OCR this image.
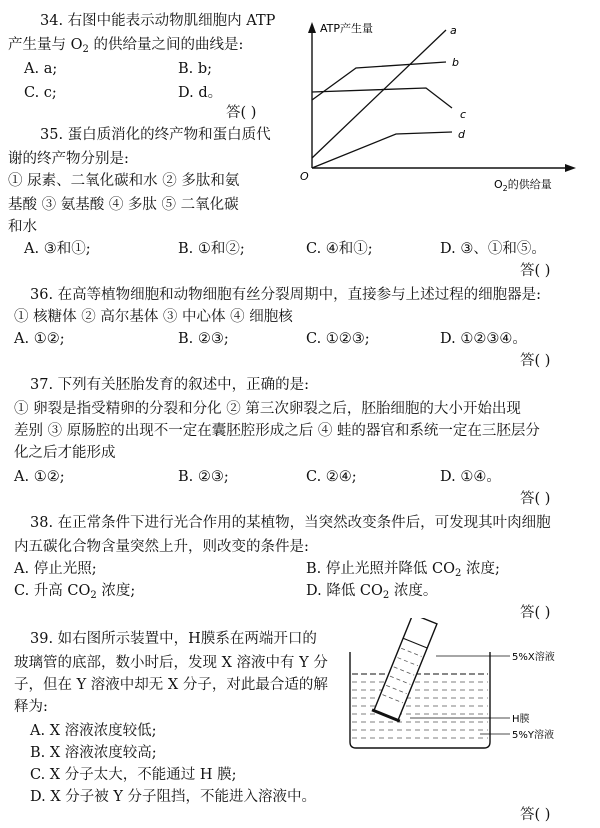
34. 右图中能表示动物肌细胞内 ATP
产生量与 $O_2$ 的供给量之间的曲线是:
A. a;	B. b;
C. c;	D. d。
答( )
ATP产生量
O
$O_2$的供给量
a
b
c
d
35. 蛋白质消化的终产物和蛋白质代
谢的终产物分别是:
① 尿素、二氧化碳和水 ② 多肽和氨
基酸 ③ 氨基酸 ④ 多肽 ⑤ 二氧化碳
和水
A. ③和①;	B. ①和②;	C. ④和①;	D. ③、①和⑤。
答( )
36. 在高等植物细胞和动物细胞有丝分裂周期中，直接参与上述过程的细胞器是:
① 核糖体 ② 高尔基体 ③ 中心体 ④ 细胞核
A. ①②;	B. ②③;	C. ①②③;	D. ①②③④。
答( )
37. 下列有关胚胎发育的叙述中，正确的是:
① 卵裂是指受精卵的分裂和分化 ② 第三次卵裂之后，胚胎细胞的大小开始出现
差别 ③ 原肠腔的出现不一定在囊胚腔形成之后 ④ 蛙的器官和系统一定在三胚层分
化之后才能形成
A. ①②;	B. ②③;	C. ②④;	D. ①④。
答( )
38. 在正常条件下进行光合作用的某植物，当突然改变条件后，可发现其叶肉细胞
内五碳化合物含量突然上升，则改变的条件是:
A. 停止光照;	B. 停止光照并降低 $CO_2$ 浓度;
C. 升高 $CO_2$ 浓度;	D. 降低 $CO_2$ 浓度。
答( )
39. 如右图所示装置中，H膜系在两端开口的
玻璃管的底部，数小时后，发现 X 溶液中有 Y 分
子，但在 Y 溶液中却无 X 分子，对此最合适的解
释为:
A. X 溶液浓度较低;
B. X 溶液浓度较高;
C. X 分子太大，不能通过 H 膜;
D. X 分子被 Y 分子阻挡，不能进入溶液中。
答( )
5%X溶液
H膜
5%Y溶液
